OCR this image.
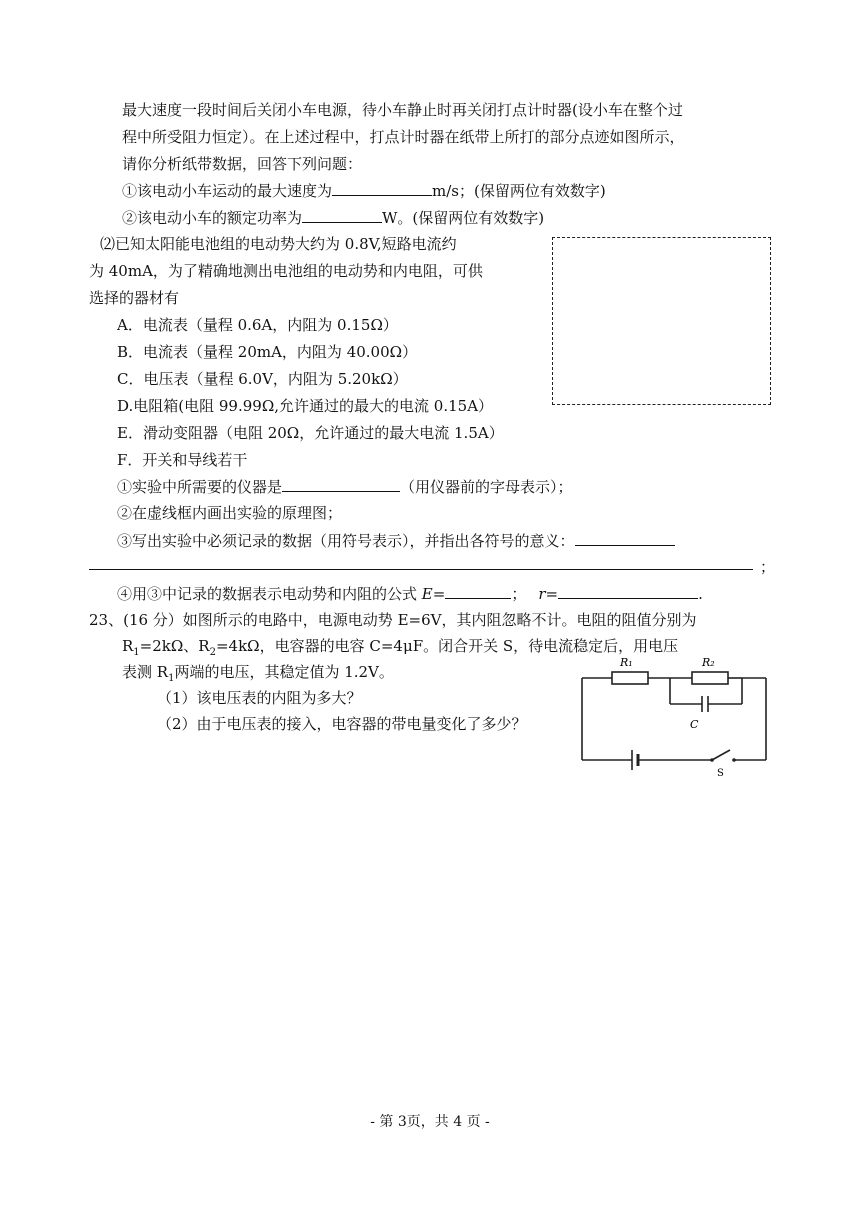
最大速度一段时间后关闭小车电源，待小车静止时再关闭打点计时器(设小车在整个过
程中所受阻力恒定）。在上述过程中，打点计时器在纸带上所打的部分点迹如图所示，
请你分析纸带数据，回答下列问题：
①该电动小车运动的最大速度为	m/s；(保留两位有效数字)
②该电动小车的额定功率为	W。(保留两位有效数字)
⑵已知太阳能电池组的电动势大约为 0.8V,短路电流约
为 40mA，为了精确地测出电池组的电动势和内电阻，可供
选择的器材有
A．电流表（量程 0.6A，内阻为 0.15Ω）
B．电流表（量程 20mA，内阻为 40.00Ω）
C．电压表（量程 6.0V，内阻为 5.20kΩ）
D.电阻箱(电阻 99.99Ω,允许通过的最大的电流 0.15A）
E．滑动变阻器（电阻 20Ω，允许通过的最大电流 1.5A）
F．开关和导线若干
①实验中所需要的仪器是	（用仪器前的字母表示）；
②在虚线框内画出实验的原理图；
③写出实验中必须记录的数据（用符号表示），并指出各符号的意义：
；
④用③中记录的数据表示电动势和内阻的公式 E=	； r=	.
23、(16 分）如图所示的电路中，电源电动势 E=6V，其内阻忽略不计。电阻的阻值分别为
$R_1=2k\Omega$、$R_2=4k\Omega$，电容器的电容 C=4μF。闭合开关 S，待电流稳定后，用电压
表测 $R_1$两端的电压，其稳定值为 1.2V。
（1）该电压表的内阻为多大？
（2）由于电压表的接入，电容器的带电量变化了多少？
R₁	R₂
C
S
- 第 3页，共 4 页 -
